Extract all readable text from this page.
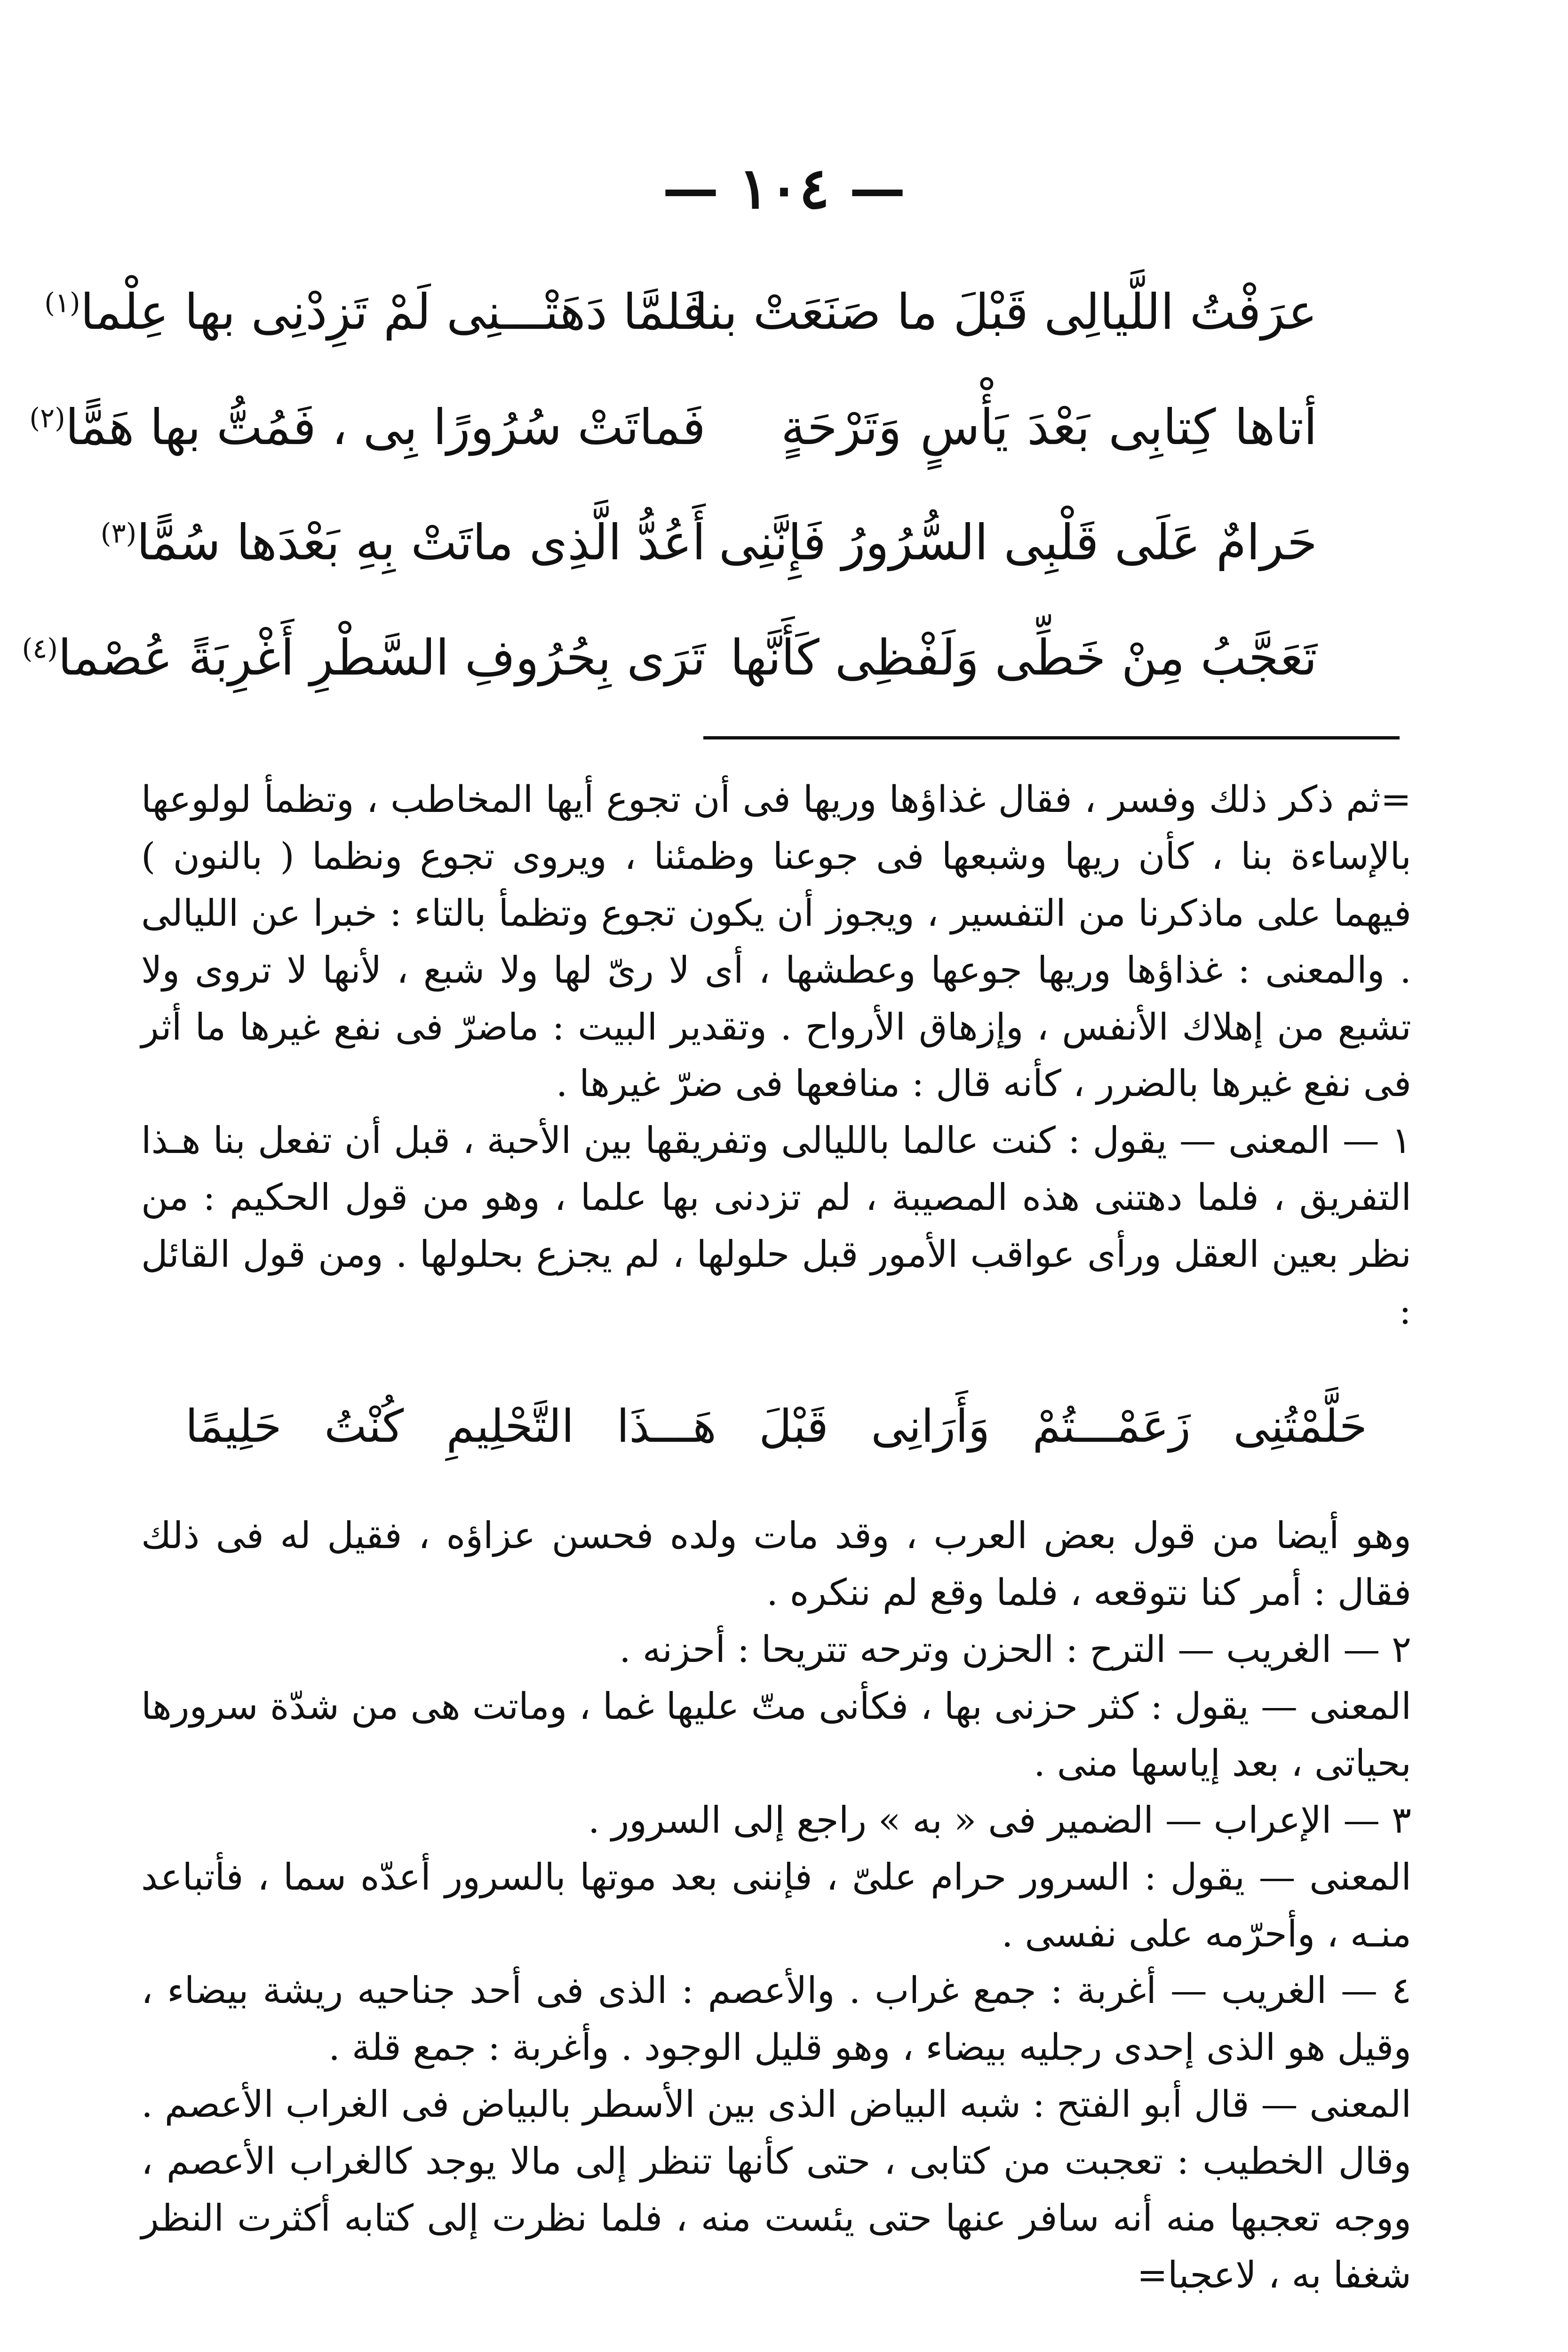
— ١٠٤ —
عرَفْتُ اللَّيالِى قَبْلَ ما صَنَعَتْ بنا
فَلمَّا دَهَتْـــنِى لَمْ تَزِدْنِى بها عِلْما$^{(١)}$
أتاها كِتابِى بَعْدَ يَأْسٍ وَتَرْحَةٍ
فَماتَتْ سُرُورًا بِى ، فَمُتُّ بها هَمًّا$^{(٢)}$
حَرامٌ عَلَى قَلْبِى السُّرُورُ فَإِنَّنِى
أَعُدُّ الَّذِى ماتَتْ بِهِ بَعْدَها سُمًّا$^{(٣)}$
تَعَجَّبُ مِنْ خَطِّى وَلَفْظِى كَأَنَّها
تَرَى بِحُرُوفِ السَّطْرِ أَغْرِبَةً عُصْما$^{(٤)}$

=ثم ذكر ذلك وفسر ، فقال غذاؤها وريها فى أن تجوع أيها المخاطب ، وتظمأ لولوعها بالإساءة بنا ، كأن ريها وشبعها فى جوعنا وظمئنا ، ويروى تجوع ونظما ( بالنون ) فيهما على ماذكرنا من التفسير ، ويجوز أن يكون تجوع وتظمأ بالتاء : خبرا عن الليالى . والمعنى : غذاؤها وريها جوعها وعطشها ، أى لا رىّ لها ولا شبع ، لأنها لا تروى ولا تشبع من إهلاك الأنفس ، وإزهاق الأرواح . وتقدير البيت : ماضرّ فى نفع غيرها ما أثر فى نفع غيرها بالضرر ، كأنه قال : منافعها فى ضرّ غيرها .

١ — المعنى — يقول : كنت عالما بالليالى وتفريقها بين الأحبة ، قبل أن تفعل بنا هـذا التفريق ، فلما دهتنى هذه المصيبة ، لم تزدنى بها علما ، وهو من قول الحكيم : من نظر بعين العقل ورأى عواقب الأمور قبل حلولها ، لم يجزع بحلولها . ومن قول القائل :

حَلَّمْتُنِى زَعَمْـــتُمْ وَأَرَانِى قَبْلَ هَـــذَا التَّحْلِيمِ كُنْتُ حَلِيمًا

وهو أيضا من قول بعض العرب ، وقد مات ولده فحسن عزاؤه ، فقيل له فى ذلك فقال : أمر كنا نتوقعه ، فلما وقع لم ننكره .

٢ — الغريب — الترح : الحزن وترحه تتريحا : أحزنه .

المعنى — يقول : كثر حزنى بها ، فكأنى متّ عليها غما ، وماتت هى من شدّة سرورها بحياتى ، بعد إياسها منى .

٣ — الإعراب — الضمير فى « به » راجع إلى السرور .

المعنى — يقول : السرور حرام علىّ ، فإننى بعد موتها بالسرور أعدّه سما ، فأتباعد منـه ، وأحرّمه على نفسى .

٤ — الغريب — أغربة : جمع غراب . والأعصم : الذى فى أحد جناحيه ريشة بيضاء ، وقيل هو الذى إحدى رجليه بيضاء ، وهو قليل الوجود . وأغربة : جمع قلة .

المعنى — قال أبو الفتح : شبه البياض الذى بين الأسطر بالبياض فى الغراب الأعصم .

وقال الخطيب : تعجبت من كتابى ، حتى كأنها تنظر إلى مالا يوجد كالغراب الأعصم ، ووجه تعجبها منه أنه سافر عنها حتى يئست منه ، فلما نظرت إلى كتابه أكثرت النظر شغفا به ، لاعجبا=
